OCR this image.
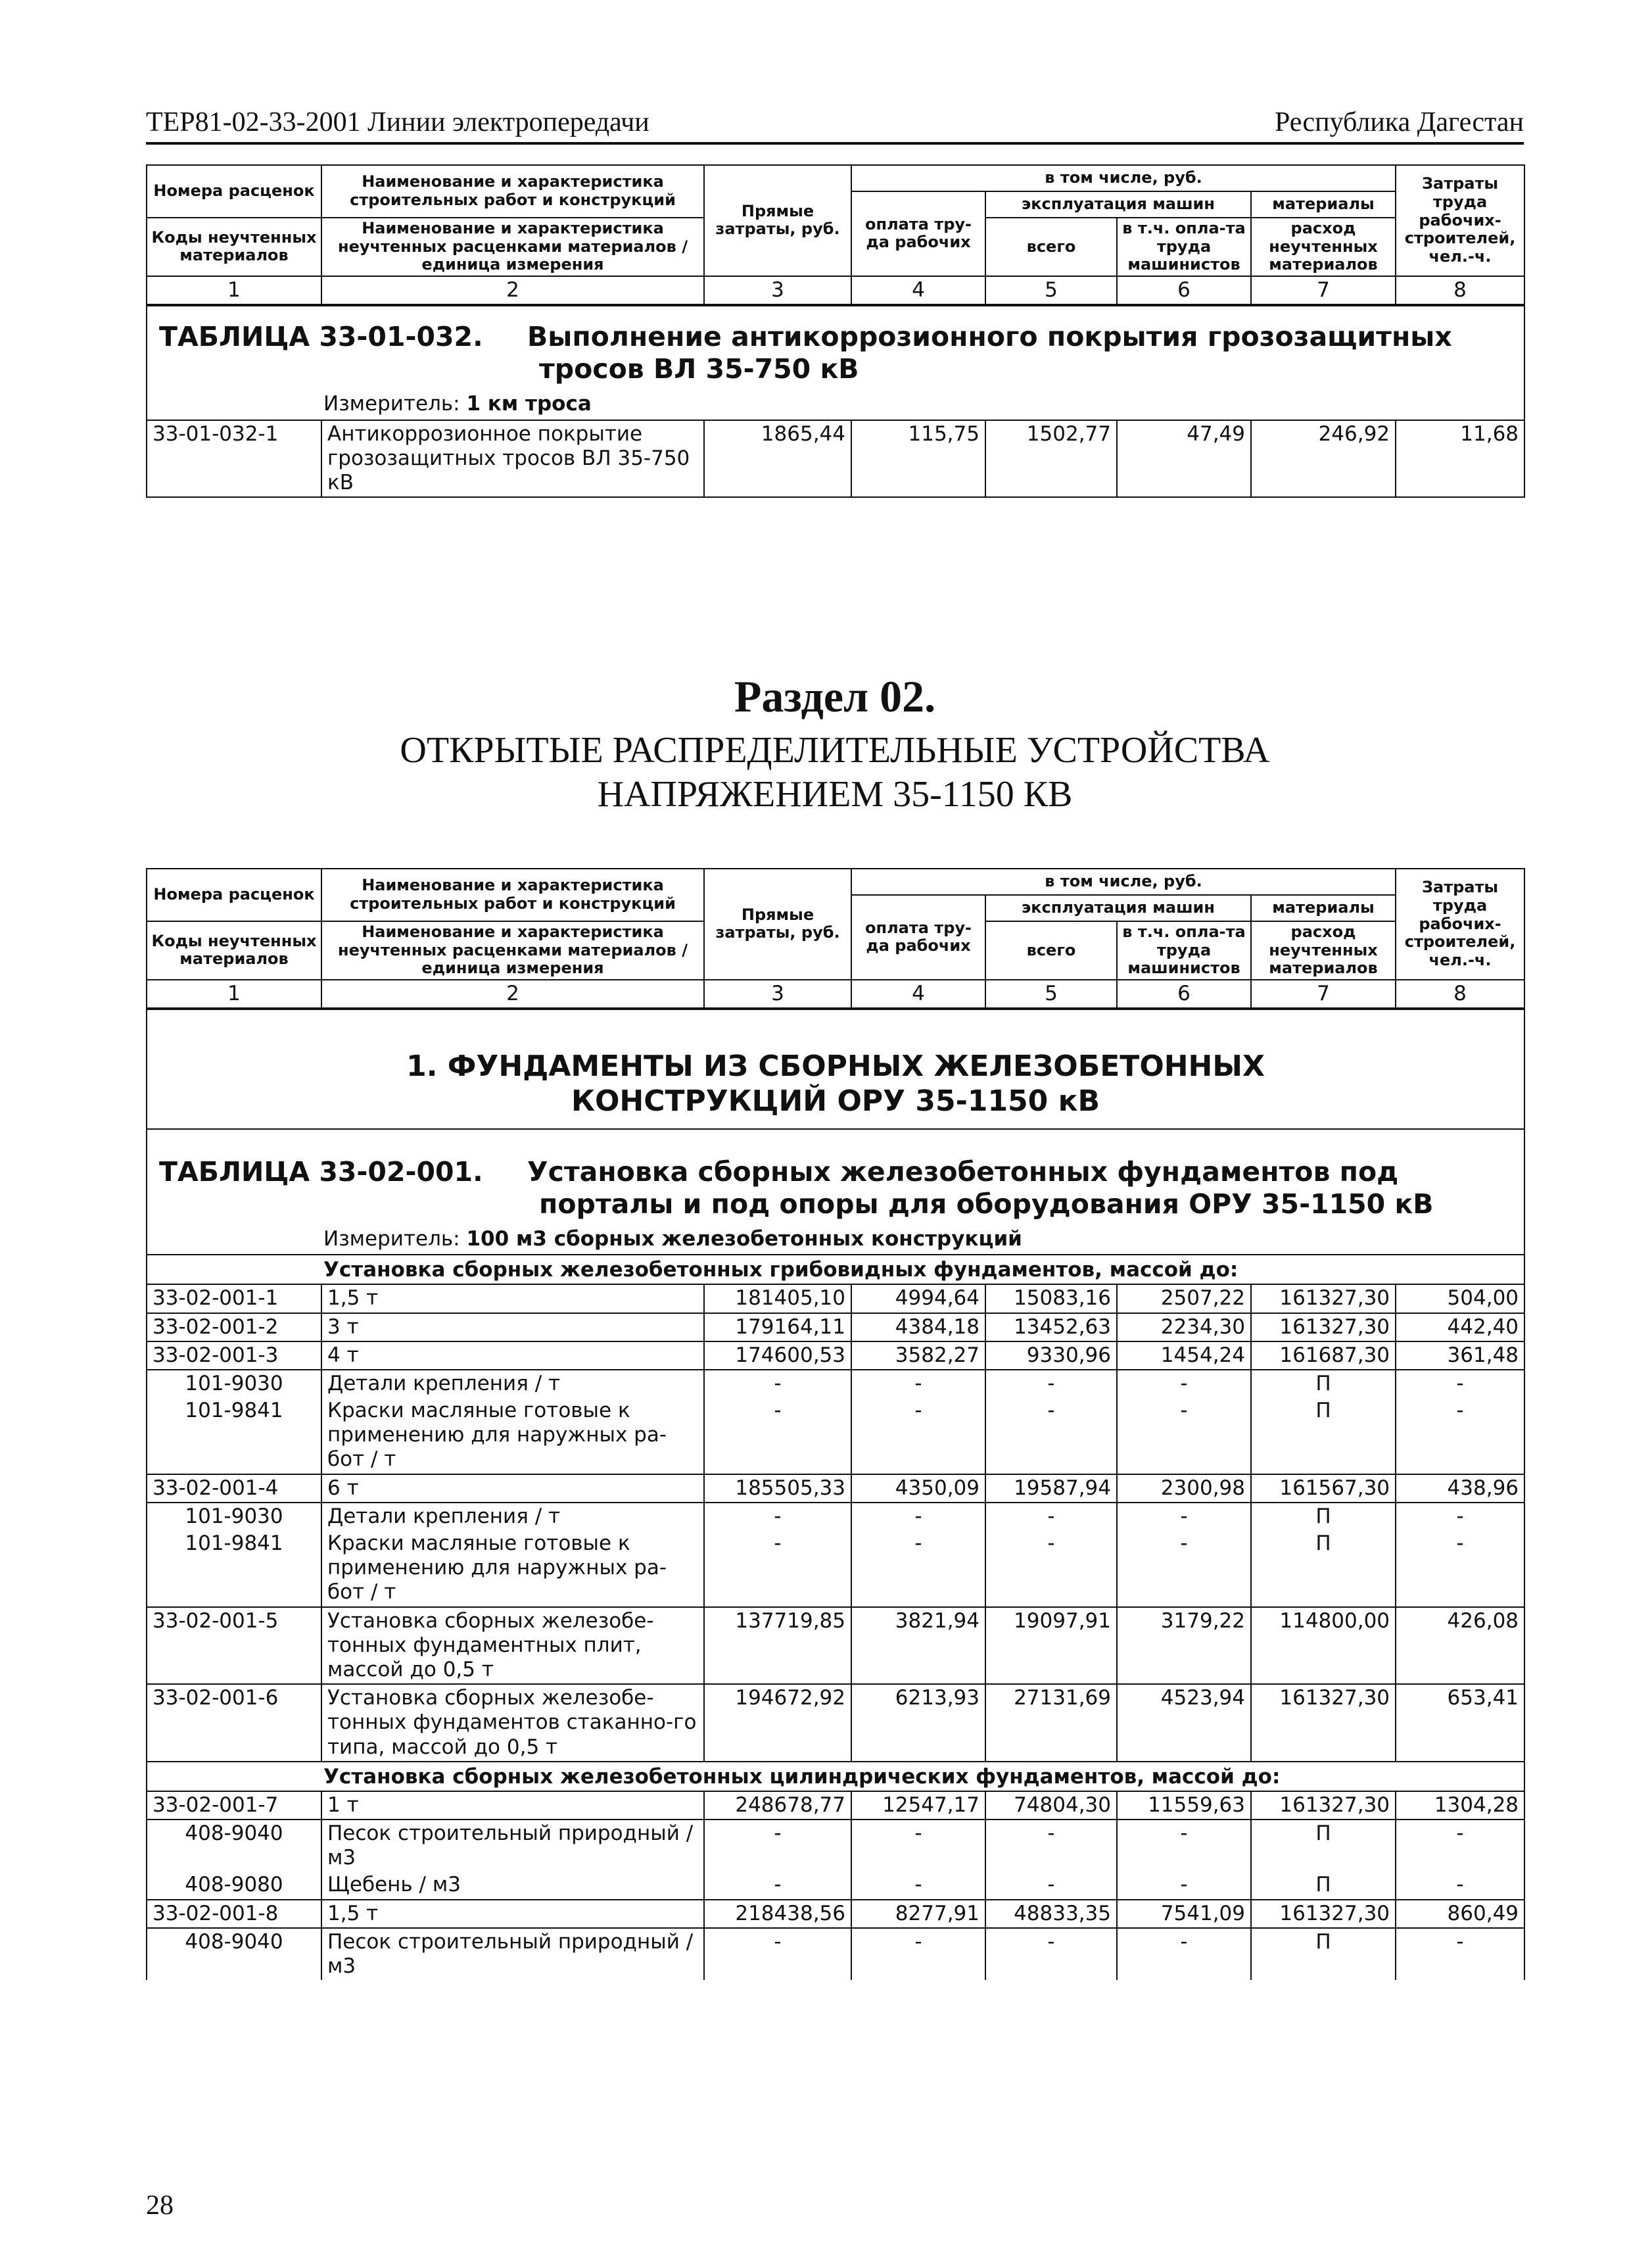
ТЕР81-02-33-2001 Линии электропередачи	Республика Дагестан
Номера расценок	Наименование и характеристика строительных работ и конструкций	Прямые затраты, руб.	в том числе, руб.				Затраты труда рабочих-строителей, чел.-ч.
			оплата тру-да рабочих	эксплуатация машин		материалы	
Коды неучтенных материалов	Наименование и характеристика неучтенных расценками материалов / единица измерения			всего	в т.ч. опла-та труда машинистов	расход неучтенных материалов	

1	2	3	4	5	6	7	8
ТАБЛИЦА 33-01-032. Выполнение антикоррозионного покрытия грозозащитных
тросов ВЛ 35-750 кВ							

Измеритель: 1 км троса							
33-01-032-1	Антикоррозионное покрытие грозозащитных тросов ВЛ 35-750 кВ	1865,44	115,75	1502,77	47,49	246,92	11,68
Раздел 02.
ОТКРЫТЫЕ РАСПРЕДЕЛИТЕЛЬНЫЕ УСТРОЙСТВА
НАПРЯЖЕНИЕМ 35-1150 КВ
Номера расценок	Наименование и характеристика строительных работ и конструкций	Прямые затраты, руб.	в том числе, руб.				Затраты труда рабочих-строителей, чел.-ч.
			оплата тру-да рабочих	эксплуатация машин		материалы	
Коды неучтенных материалов	Наименование и характеристика неучтенных расценками материалов / единица измерения			всего	в т.ч. опла-та труда машинистов	расход неучтенных материалов	

1	2	3	4	5	6	7	8

1. ФУНДАМЕНТЫ ИЗ СБОРНЫХ ЖЕЛЕЗОБЕТОННЫХ
КОНСТРУКЦИЙ ОРУ 35-1150 кВ							

ТАБЛИЦА 33-02-001. Установка сборных железобетонных фундаментов под
порталы и под опоры для оборудования ОРУ 35-1150 кВ							

Измеритель: 100 м3 сборных железобетонных конструкций							
Установка сборных железобетонных грибовидных фундаментов, массой до:							
33-02-001-1	1,5 т	181405,10	4994,64	15083,16	2507,22	161327,30	504,00
33-02-001-2	3 т	179164,11	4384,18	13452,63	2234,30	161327,30	442,40
33-02-001-3	4 т	174600,53	3582,27	9330,96	1454,24	161687,30	361,48
101-9030	Детали крепления / т	-	-	-	-	П	-
101-9841	Краски масляные готовые к применению для наружных ра-бот / т	-	-	-	-	П	-
33-02-001-4	6 т	185505,33	4350,09	19587,94	2300,98	161567,30	438,96
101-9030	Детали крепления / т	-	-	-	-	П	-
101-9841	Краски масляные готовые к применению для наружных ра-бот / т	-	-	-	-	П	-
33-02-001-5	Установка сборных железобе-тонных фундаментных плит, массой до 0,5 т	137719,85	3821,94	19097,91	3179,22	114800,00	426,08
33-02-001-6	Установка сборных железобе-тонных фундаментов стаканно-го типа, массой до 0,5 т	194672,92	6213,93	27131,69	4523,94	161327,30	653,41
Установка сборных железобетонных цилиндрических фундаментов, массой до:							
33-02-001-7	1 т	248678,77	12547,17	74804,30	11559,63	161327,30	1304,28
408-9040	Песок строительный природный / м3	-	-	-	-	П	-
408-9080	Щебень / м3	-	-	-	-	П	-
33-02-001-8	1,5 т	218438,56	8277,91	48833,35	7541,09	161327,30	860,49
408-9040	Песок строительный природный / м3	-	-	-	-	П	-
28
